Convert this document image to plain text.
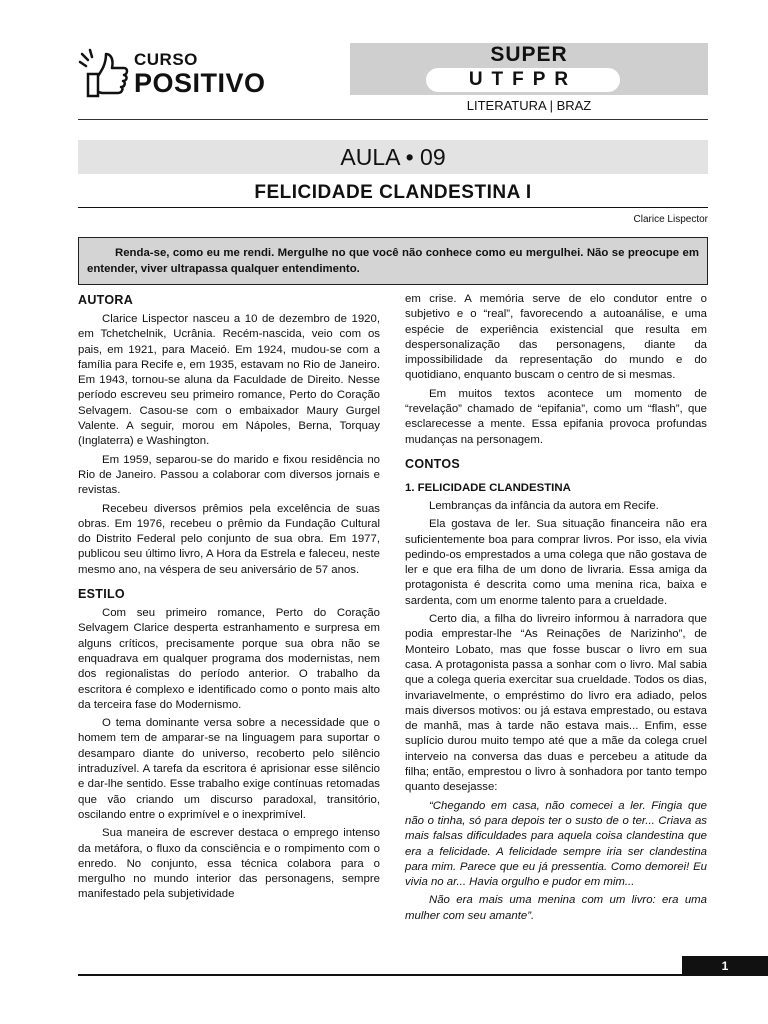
CURSO
POSITIVO
SUPER
UTFPR
LITERATURA | BRAZ
AULA • 09
FELICIDADE CLANDESTINA I
Clarice Lispector

Renda-se, como eu me rendi. Mergulhe no que você não conhece como eu mergulhei. Não se preocupe em entender, viver ultrapassa qualquer entendimento.

AUTORA

Clarice Lispector nasceu a 10 de dezembro de 1920, em Tchetchelnik, Ucrânia. Recém-nascida, veio com os pais, em 1921, para Maceió. Em 1924, mudou-se com a família para Recife e, em 1935, estavam no Rio de Janeiro. Em 1943, tornou-se aluna da Faculdade de Direito. Nesse período escreveu seu primeiro romance, Perto do Coração Selvagem. Casou-se com o embaixador Maury Gurgel Valente. A seguir, morou em Nápoles, Berna, Torquay (Inglaterra) e Washington.

Em 1959, separou-se do marido e fixou residência no Rio de Janeiro. Passou a colaborar com diversos jornais e revistas.

Recebeu diversos prêmios pela excelência de suas obras. Em 1976, recebeu o prêmio da Fundação Cultural do Distrito Federal pelo conjunto de sua obra. Em 1977, publicou seu último livro, A Hora da Estrela e faleceu, neste mesmo ano, na véspera de seu aniversário de 57 anos.

ESTILO

Com seu primeiro romance, Perto do Coração Selvagem Clarice desperta estranhamento e surpresa em alguns críticos, precisamente porque sua obra não se enquadrava em qualquer programa dos modernistas, nem dos regionalistas do período anterior. O trabalho da escritora é complexo e identificado como o ponto mais alto da terceira fase do Modernismo.

O tema dominante versa sobre a necessidade que o homem tem de amparar-se na linguagem para suportar o desamparo diante do universo, recoberto pelo silêncio intraduzível. A tarefa da escritora é aprisionar esse silêncio e dar-lhe sentido. Esse trabalho exige contínuas retomadas que vão criando um discurso paradoxal, transitório, oscilando entre o exprimível e o inexprimível.

Sua maneira de escrever destaca o emprego intenso da metáfora, o fluxo da consciência e o rompimento com o enredo. No conjunto, essa técnica colabora para o mergulho no mundo interior das personagens, sempre manifestado pela subjetividade

em crise. A memória serve de elo condutor entre o subjetivo e o “real”, favorecendo a autoanálise, e uma espécie de experiência existencial que resulta em despersonalização das personagens, diante da impossibilidade da representação do mundo e do quotidiano, enquanto buscam o centro de si mesmas.

Em muitos textos acontece um momento de “revelação” chamado de “epifania”, como um “flash”, que esclarecesse a mente. Essa epifania provoca profundas mudanças na personagem.

CONTOS
1. FELICIDADE CLANDESTINA

Lembranças da infância da autora em Recife.

Ela gostava de ler. Sua situação financeira não era suficientemente boa para comprar livros. Por isso, ela vivia pedindo-os emprestados a uma colega que não gostava de ler e que era filha de um dono de livraria. Essa amiga da protagonista é descrita como uma menina rica, baixa e sardenta, com um enorme talento para a crueldade.

Certo dia, a filha do livreiro informou à narradora que podia emprestar-lhe “As Reinações de Narizinho”, de Monteiro Lobato, mas que fosse buscar o livro em sua casa. A protagonista passa a sonhar com o livro. Mal sabia que a colega queria exercitar sua crueldade. Todos os dias, invariavelmente, o empréstimo do livro era adiado, pelos mais diversos motivos: ou já estava emprestado, ou estava de manhã, mas à tarde não estava mais... Enfim, esse suplício durou muito tempo até que a mãe da colega cruel interveio na conversa das duas e percebeu a atitude da filha; então, emprestou o livro à sonhadora por tanto tempo quanto desejasse:

“Chegando em casa, não comecei a ler. Fingia que não o tinha, só para depois ter o susto de o ter... Criava as mais falsas dificuldades para aquela coisa clandestina que era a felicidade. A felicidade sempre iria ser clandestina para mim. Parece que eu já pressentia. Como demorei! Eu vivia no ar... Havia orgulho e pudor em mim...

Não era mais uma menina com um livro: era uma mulher com seu amante”.

1
